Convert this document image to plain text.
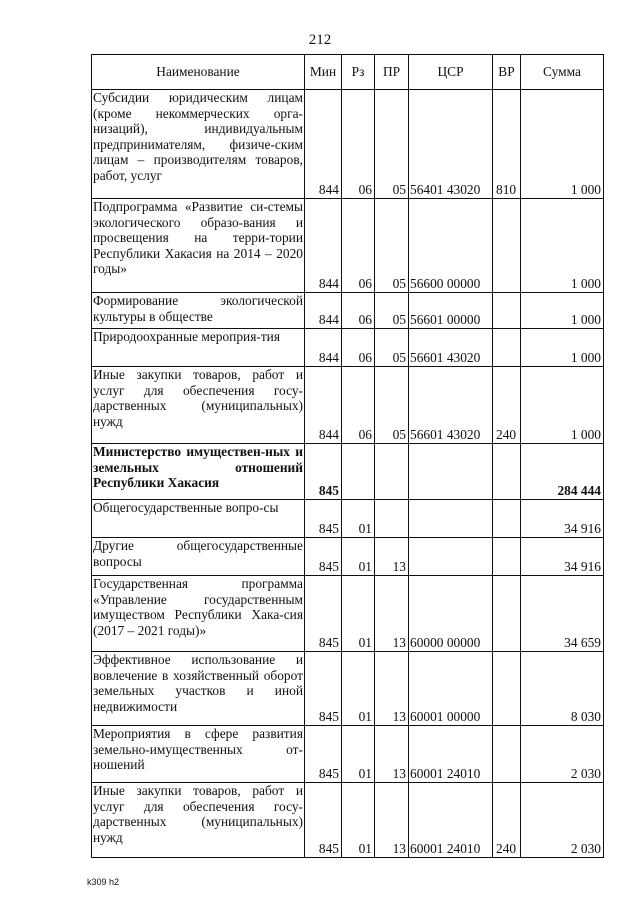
212
Наименование	Мин	Рз	ПР	ЦСР	ВР	Сумма
Субсидии юридическим лицам (кроме некоммерческих орга-низаций), индивидуальным предпринимателям, физиче-ским лицам – производителям товаров, работ, услуг	844	06	05	56401 43020	810	1 000
Подпрограмма «Развитие си-стемы экологического образо-вания и просвещения на терри-тории Республики Хакасия на 2014 – 2020 годы»	844	06	05	56600 00000		1 000
Формирование экологической культуры в обществе	844	06	05	56601 00000		1 000
Природоохранные мероприя-тия	844	06	05	56601 43020		1 000
Иные закупки товаров, работ и услуг для обеспечения госу-дарственных (муниципальных) нужд	844	06	05	56601 43020	240	1 000
Министерство имуществен-ных и земельных отношений Республики Хакасия	845					284 444
Общегосударственные вопро-сы	845	01				34 916
Другие общегосударственные вопросы	845	01	13			34 916
Государственная программа «Управление государственным имуществом Республики Хака-сия (2017 – 2021 годы)»	845	01	13	60000 00000		34 659
Эффективное использование и вовлечение в хозяйственный оборот земельных участков и иной недвижимости	845	01	13	60001 00000		8 030
Мероприятия в сфере развития земельно-имущественных от-ношений	845	01	13	60001 24010		2 030
Иные закупки товаров, работ и услуг для обеспечения госу-дарственных (муниципальных) нужд	845	01	13	60001 24010	240	2 030
k309 h2
